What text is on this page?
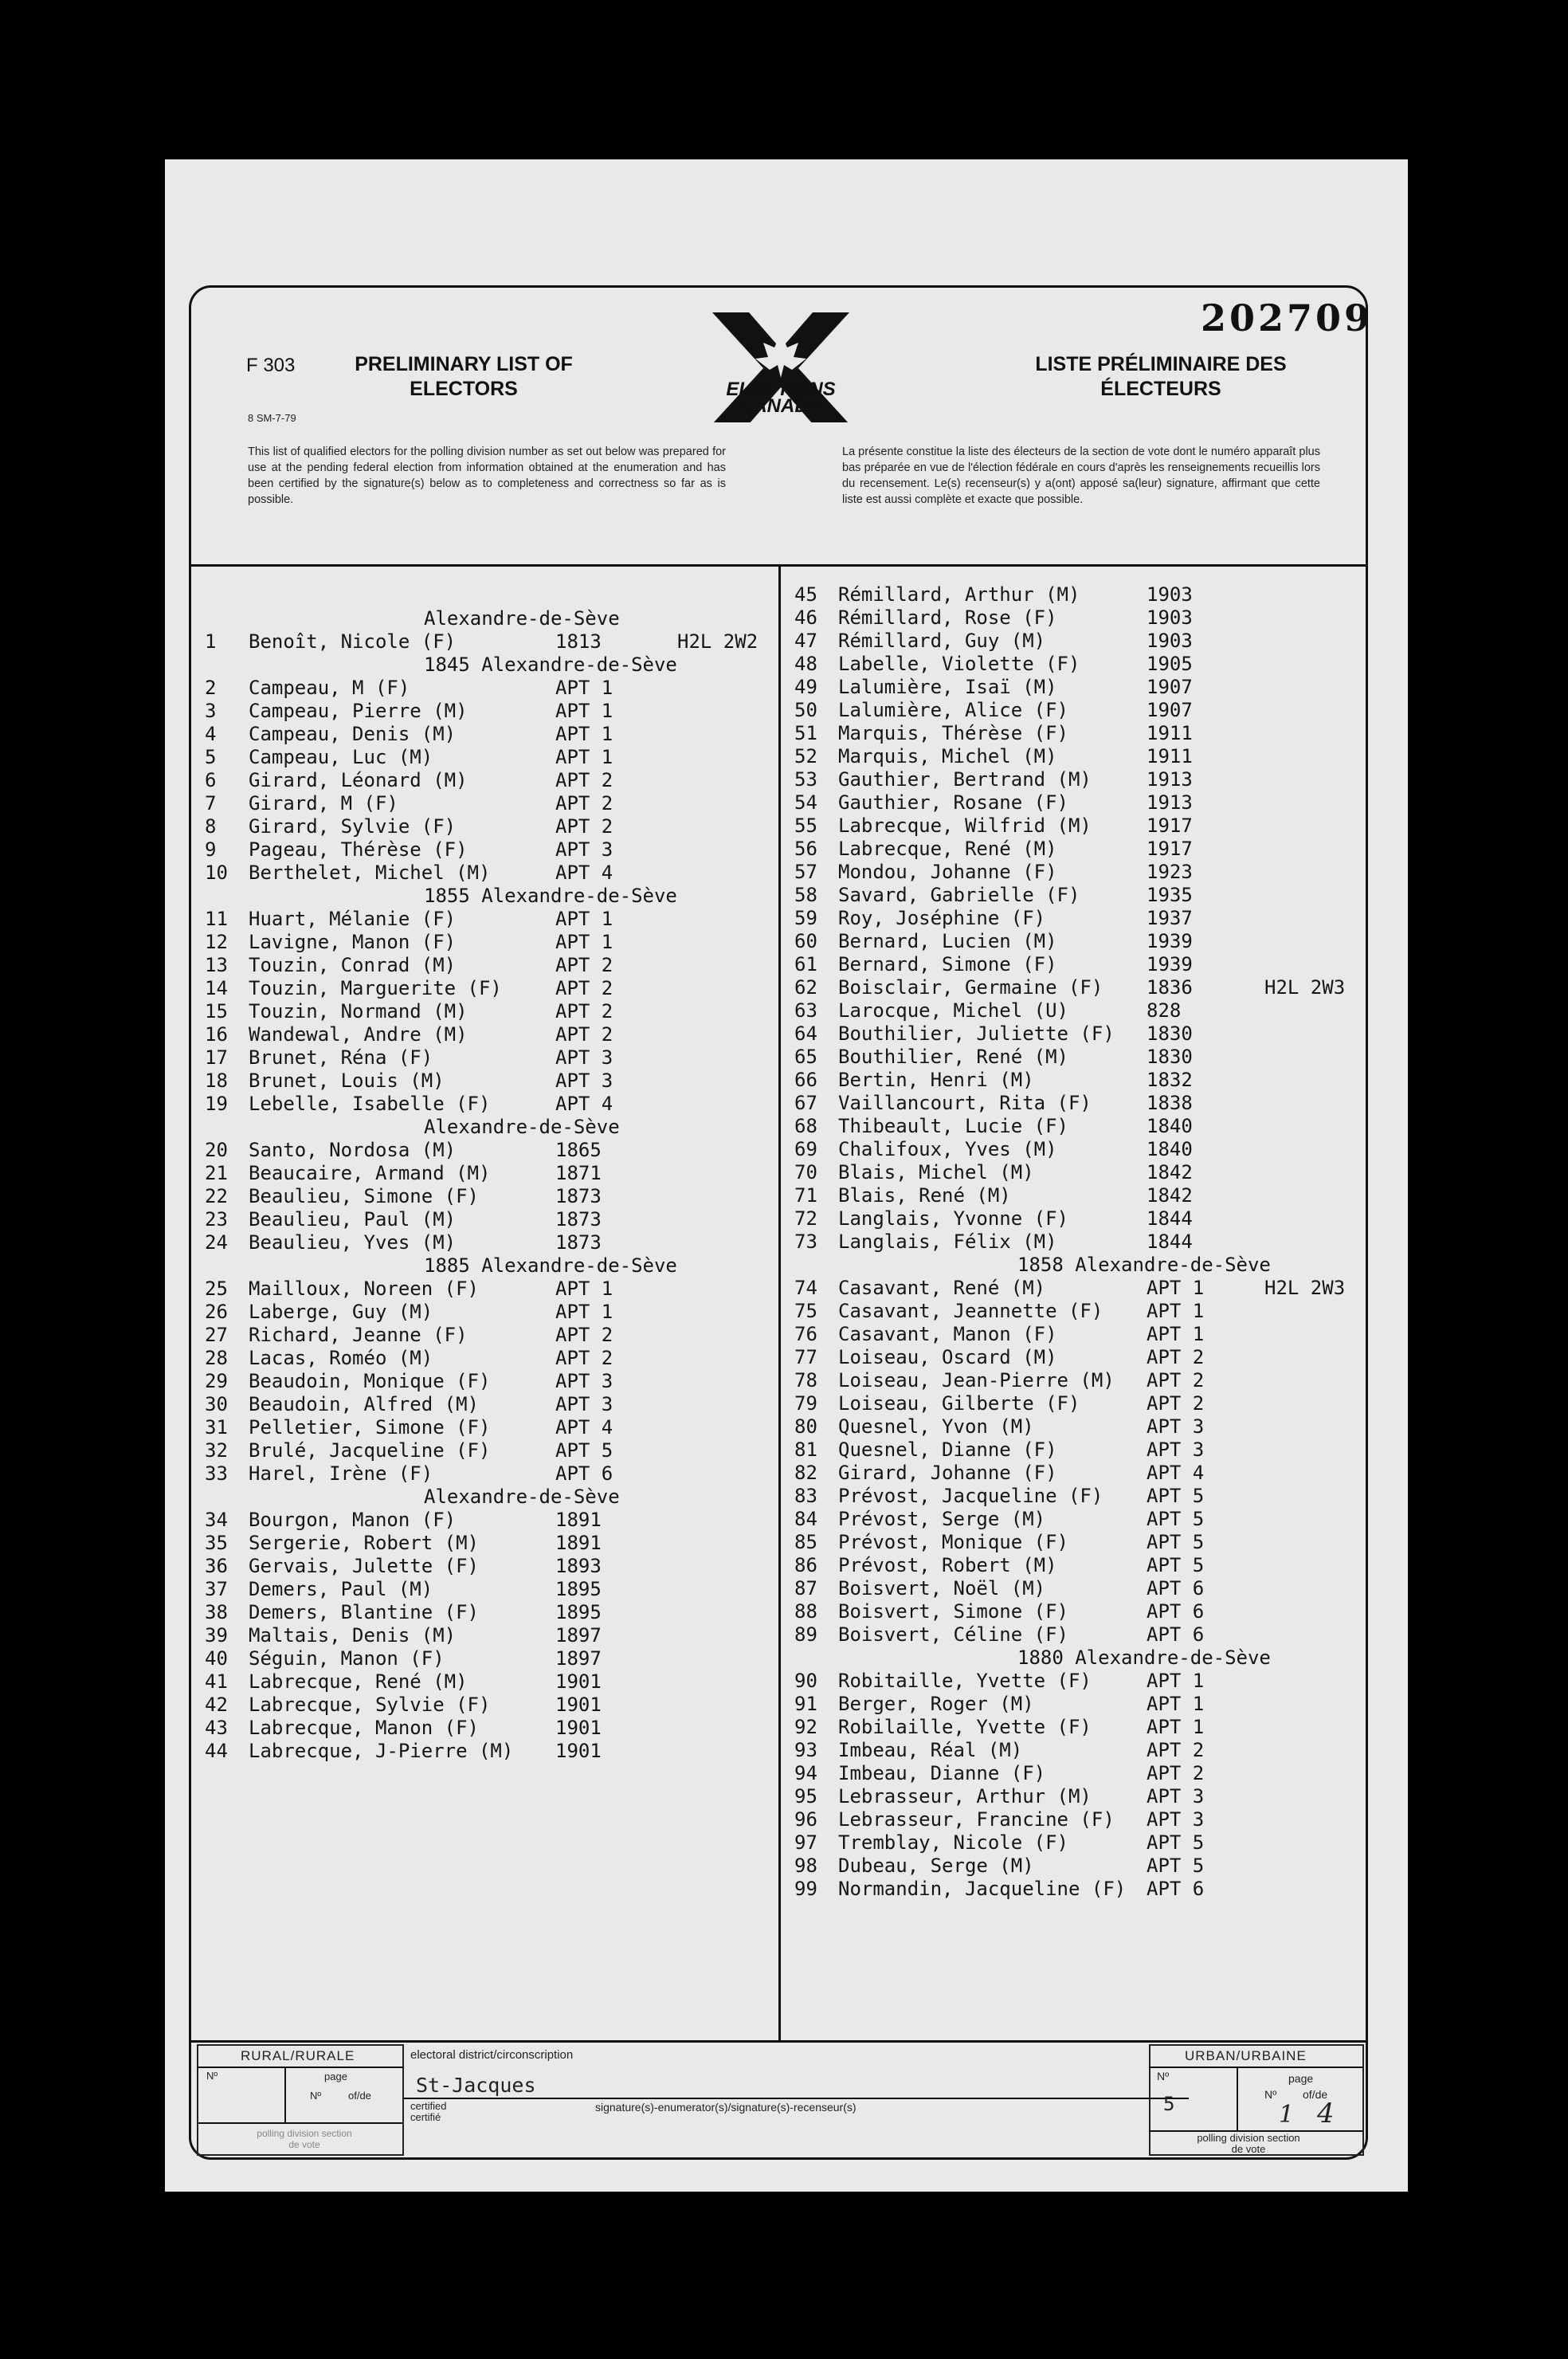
202709
F 303
8 SM-7-79
PRELIMINARY LIST OF ELECTORS	ELECTIONS CANADA
LISTE PRÉLIMINAIRE DES ÉLECTEURS
This list of qualified electors for the polling division number as set out below was prepared for use at the pending federal election from information obtained at the enumeration and has been certified by the signature(s) below as to completeness and correctness so far as is possible.
La présente constitue la liste des électeurs de la section de vote dont le numéro apparaît plus bas préparée en vue de l'élection fédérale en cours d'après les renseignements recueillis lors du recensement. Le(s) recenseur(s) y a(ont) apposé sa(leur) signature, affirmant que cette liste est aussi complète et exacte que possible.
Alexandre-de-Sève
1 Benoît, Nicole (F)	1813	H2L 2W2
1845 Alexandre-de-Sève
2 Campeau, M (F)	APT 1
3 Campeau, Pierre (M)	APT 1
4 Campeau, Denis (M)	APT 1
5 Campeau, Luc (M)	APT 1
6 Girard, Léonard (M)	APT 2
7 Girard, M (F)	APT 2
8 Girard, Sylvie (F)	APT 2
9 Pageau, Thérèse (F)	APT 3
10 Berthelet, Michel (M)	APT 4
1855 Alexandre-de-Sève
11 Huart, Mélanie (F)	APT 1
12 Lavigne, Manon (F)	APT 1
13 Touzin, Conrad (M)	APT 2
14 Touzin, Marguerite (F)	APT 2
15 Touzin, Normand (M)	APT 2
16 Wandewal, Andre (M)	APT 2
17 Brunet, Réna (F)	APT 3
18 Brunet, Louis (M)	APT 3
19 Lebelle, Isabelle (F)	APT 4
Alexandre-de-Sève
20 Santo, Nordosa (M)	1865
21 Beaucaire, Armand (M)	1871
22 Beaulieu, Simone (F)	1873
23 Beaulieu, Paul (M)	1873
24 Beaulieu, Yves (M)	1873
1885 Alexandre-de-Sève
25 Mailloux, Noreen (F)	APT 1
26 Laberge, Guy (M)	APT 1
27 Richard, Jeanne (F)	APT 2
28 Lacas, Roméo (M)	APT 2
29 Beaudoin, Monique (F)	APT 3
30 Beaudoin, Alfred (M)	APT 3
31 Pelletier, Simone (F)	APT 4
32 Brulé, Jacqueline (F)	APT 5
33 Harel, Irène (F)	APT 6
Alexandre-de-Sève
34 Bourgon, Manon (F)	1891
35 Sergerie, Robert (M)	1891
36 Gervais, Julette (F)	1893
37 Demers, Paul (M)	1895
38 Demers, Blantine (F)	1895
39 Maltais, Denis (M)	1897
40 Séguin, Manon (F)	1897
41 Labrecque, René (M)	1901
42 Labrecque, Sylvie (F)	1901
43 Labrecque, Manon (F)	1901
44 Labrecque, J-Pierre (M) 1901
45 Rémillard, Arthur (M)	1903
46 Rémillard, Rose (F)	1903
47 Rémillard, Guy (M)	1903
48 Labelle, Violette (F)	1905
49 Lalumière, Isaï (M)	1907
50 Lalumière, Alice (F)	1907
51 Marquis, Thérèse (F)	1911
52 Marquis, Michel (M)	1911
53 Gauthier, Bertrand (M)	1913
54 Gauthier, Rosane (F)	1913
55 Labrecque, Wilfrid (M)	1917
56 Labrecque, René (M)	1917
57 Mondou, Johanne (F)	1923
58 Savard, Gabrielle (F)	1935
59 Roy, Joséphine (F)	1937
60 Bernard, Lucien (M)	1939
61 Bernard, Simone (F)	1939
62 Boisclair, Germaine (F) 1836	H2L 2W3
63 Larocque, Michel (U)	828
64 Bouthilier, Juliette (F) 1830
65 Bouthilier, René (M)	1830
66 Bertin, Henri (M)	1832
67 Vaillancourt, Rita (F)	1838
68 Thibeault, Lucie (F)	1840
69 Chalifoux, Yves (M)	1840
70 Blais, Michel (M)	1842
71 Blais, René (M)	1842
72 Langlais, Yvonne (F)	1844
73 Langlais, Félix (M)	1844
1858 Alexandre-de-Sève
74 Casavant, René (M)	APT 1	H2L 2W3
75 Casavant, Jeannette (F) APT 1
76 Casavant, Manon (F)	APT 1
77 Loiseau, Oscard (M)	APT 2
78 Loiseau, Jean-Pierre (M) APT 2
79 Loiseau, Gilberte (F)	APT 2
80 Quesnel, Yvon (M)	APT 3
81 Quesnel, Dianne (F)	APT 3
82 Girard, Johanne (F)	APT 4
83 Prévost, Jacqueline (F) APT 5
84 Prévost, Serge (M)	APT 5
85 Prévost, Monique (F)	APT 5
86 Prévost, Robert (M)	APT 5
87 Boisvert, Noël (M)	APT 6
88 Boisvert, Simone (F)	APT 6
89 Boisvert, Céline (F)	APT 6
1880 Alexandre-de-Sève
90 Robitaille, Yvette (F)	APT 1
91 Berger, Roger (M)	APT 1
92 Robilaille, Yvette (F)	APT 1
93 Imbeau, Réal (M)	APT 2
94 Imbeau, Dianne (F)	APT 2
95 Lebrasseur, Arthur (M)	APT 3
96 Lebrasseur, Francine (F) APT 3
97 Tremblay, Nicole (F)	APT 5
98 Dubeau, Serge (M)	APT 5
99 Normandin, Jacqueline (F) APT 6
RURAL/RURALE
Nº	page
Nº	of/de
polling division section de vote
electoral district/circonscription
St-Jacques
certified certifié
signature(s)-enumerator(s)/signature(s)-recenseur(s)
URBAN/URBAINE
Nº
5
page
Nº of/de
1 4
polling division section de vote
